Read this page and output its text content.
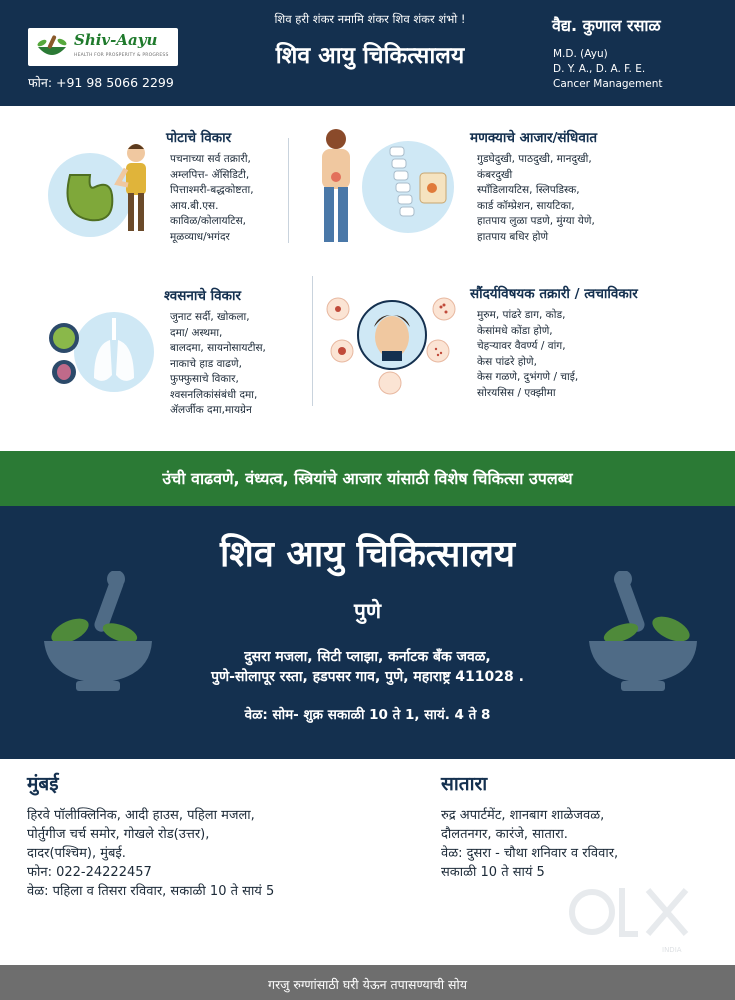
Shiv-Aayu
HEALTH FOR PROSPERITY & PROGRESS
फोन: +91 98 5066 2299
शिव हरी शंकर नमामि शंकर शिव शंकर शंभो !
शिव आयु चिकित्सालय
वैद्य. कुणाल रसाळ
M.D. (Ayu)
D. Y. A., D. A. F. E.
Cancer Management
पोटाचे विकार
पचनाच्या सर्व तक्रारी,
अम्लपित्त- ॲसिडिटी,
पित्ताश्मरी-बद्धकोष्टता,
आय.बी.एस.
काविळ/कोलायटिस,
मूळव्याध/भगंदर
मणक्याचे आजार/संधिवात
गुडघेदुखी, पाठदुखी, मानदुखी,
कंबरदुखी
स्पाँडिलायटिस, स्लिपडिस्क,
कार्ड कॉम्प्रेशन, सायटिका,
हातपाय लुळा पडणे, मुंग्या येणे,
हातपाय बधिर होणे
श्वसनाचे विकार
जुनाट सर्दी, खोकला,
दमा/ अस्थमा,
बालदमा, सायनोसायटीस,
नाकाचे हाड वाढणे,
फुफ्फुसाचे विकार,
श्वसनलिकांसंबंधी दमा,
ॲलर्जीक दमा,मायग्रेन
सौंदर्यविषयक तक्रारी / त्वचाविकार
मुरुम, पांढरे डाग, कोड,
केसांमधे कोंडा होणे,
चेहऱ्यावर वैवर्ण्य / वांग,
केस पांढरे होणे,
केस गळणे, दुभंगणे / चाई,
सोरयसिस / एक्झीमा
उंची वाढवणे, वंध्यत्व, स्त्रियांचे आजार यांसाठी विशेष चिकित्सा उपलब्ध
शिव आयु चिकित्सालय
पुणे
दुसरा मजला, सिटी प्लाझा, कर्नाटक बँक जवळ,
पुणे-सोलापूर रस्ता, हडपसर गाव, पुणे, महाराष्ट्र 411028 .
वेळ: सोम- शुक्र सकाळी 10 ते 1, सायं. 4 ते 8
मुंबई
हिरवे पॉलीक्लिनिक, आदी हाउस, पहिला मजला,
पोर्तुगीज चर्च समोर, गोखले रोड(उत्तर),
दादर(पश्चिम), मुंबई.
फोन: 022-24222457
वेळ: पहिला व तिसरा रविवार, सकाळी 10 ते सायं 5
सातारा
रुद्र अपार्टमेंट, शानबाग शाळेजवळ,
दौलतनगर, कारंजे, सातारा.
वेळ: दुसरा - चौथा शनिवार व रविवार,
सकाळी 10 ते सायं 5
INDIA
गरजु रुग्णांसाठी घरी येऊन तपासण्याची सोय
